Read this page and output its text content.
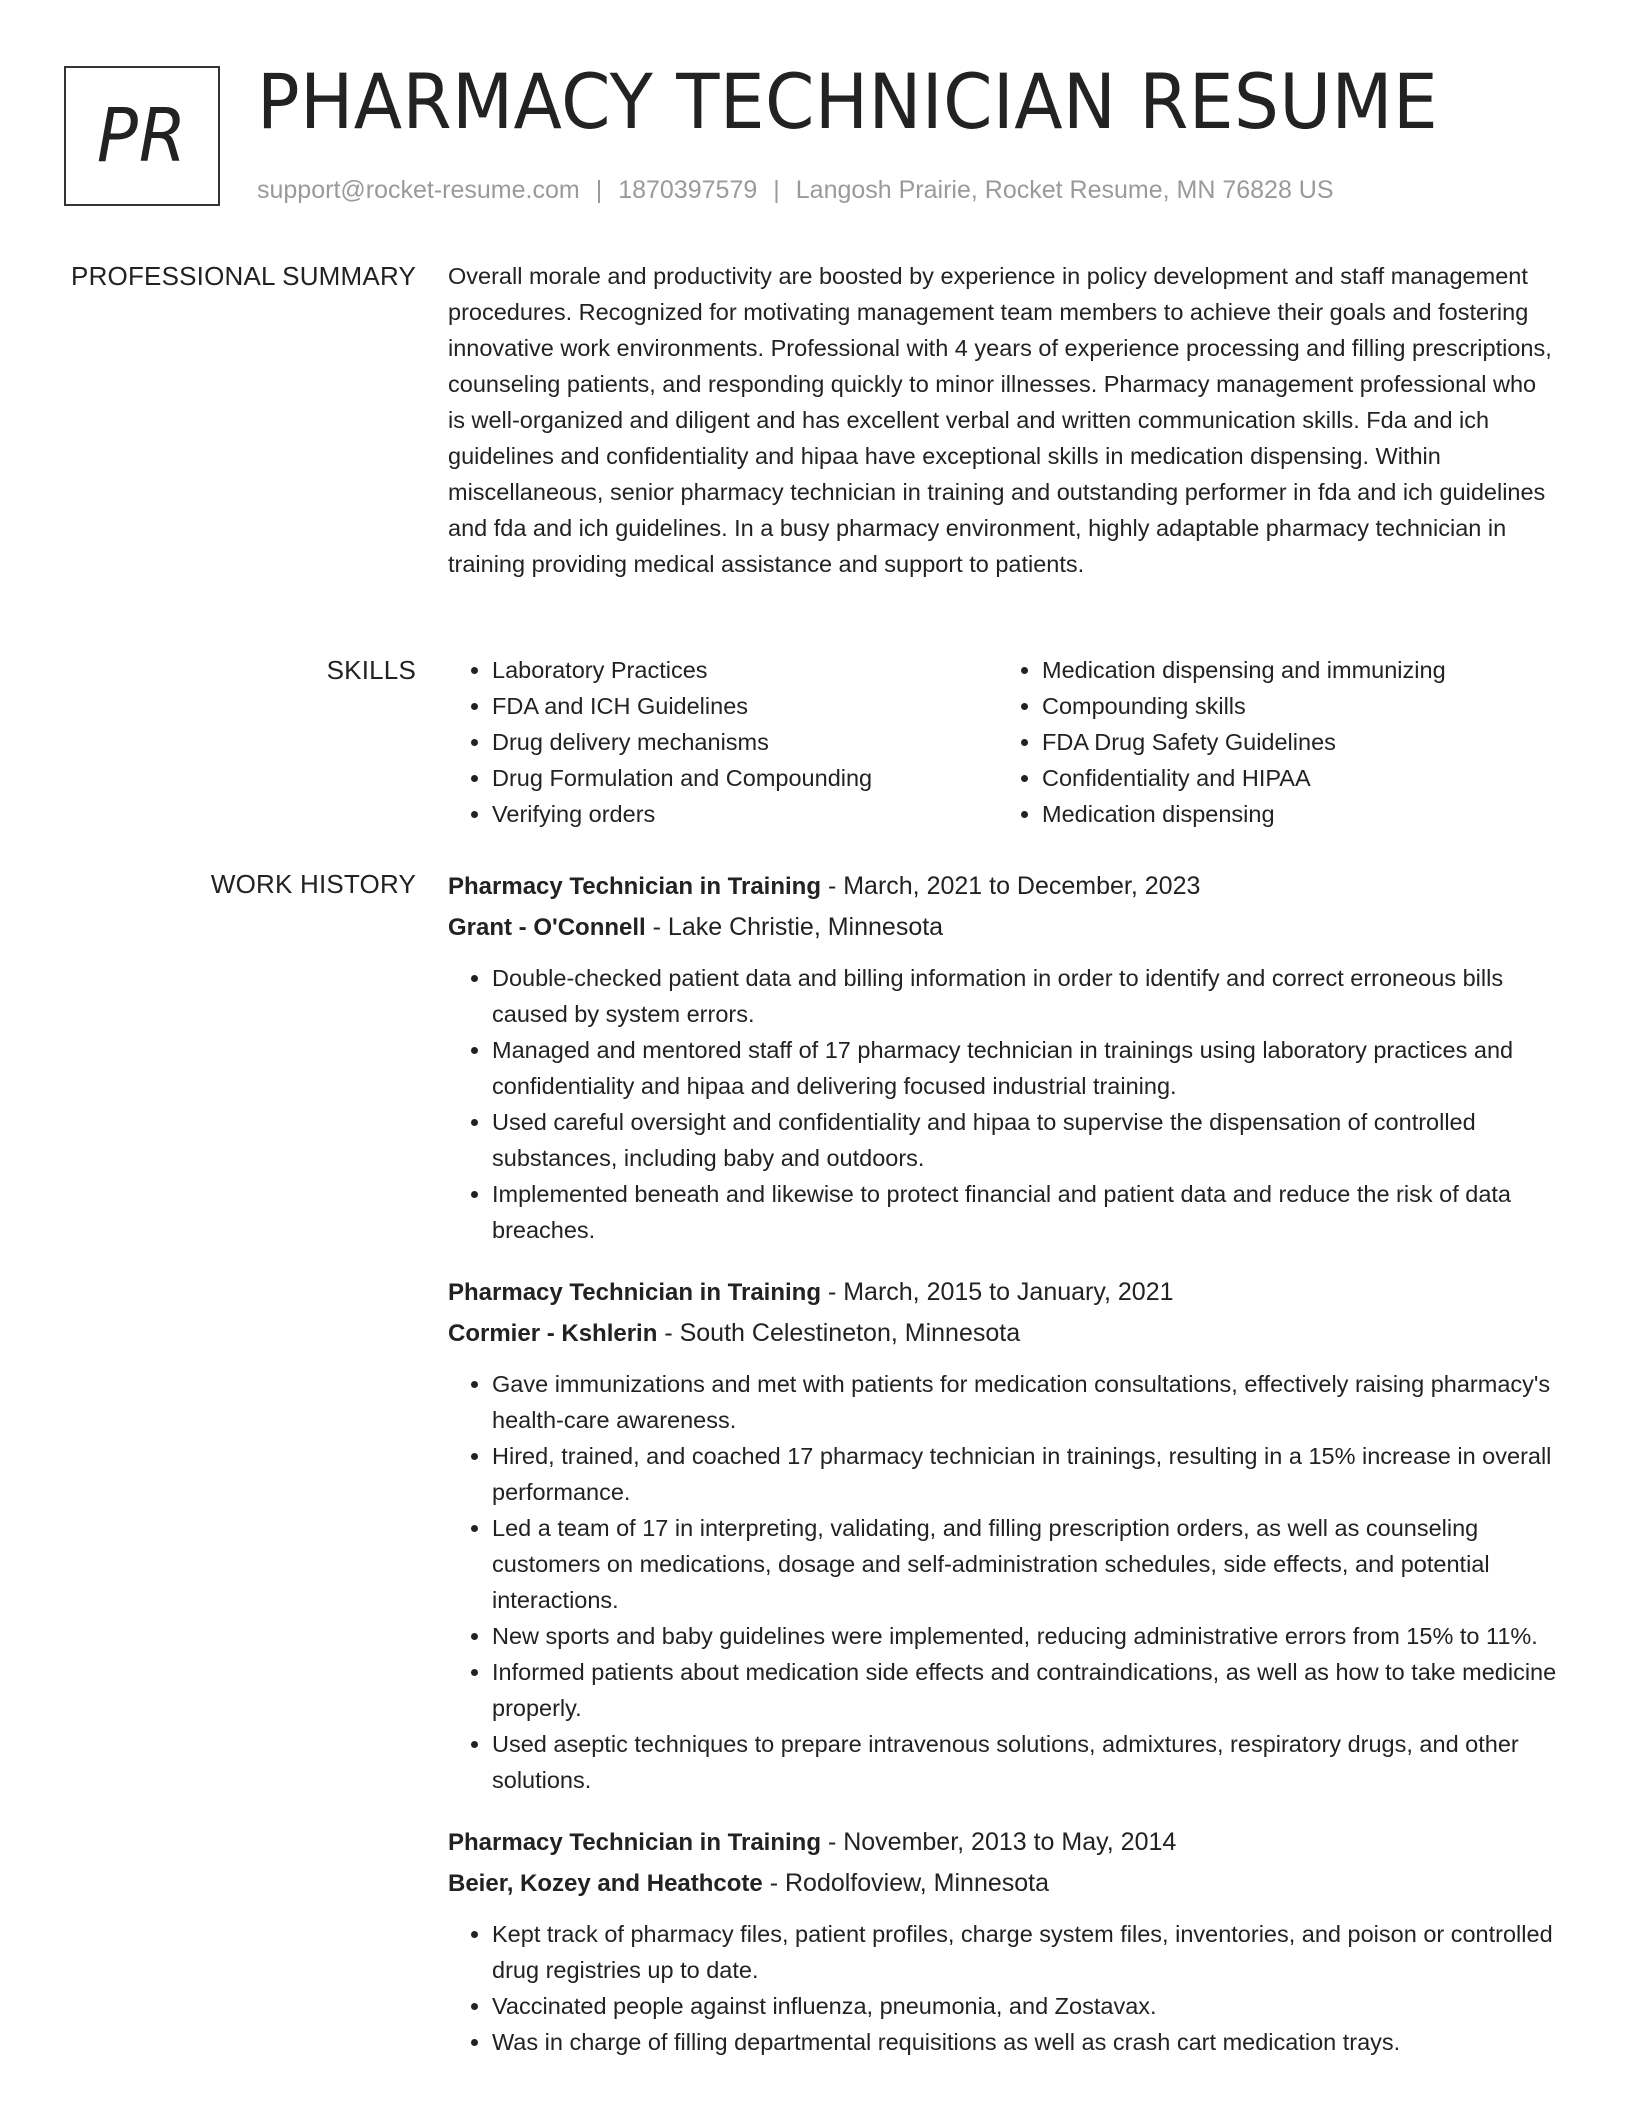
PR PHARMACY TECHNICIAN RESUME
support@rocket-resume.com | 1870397579 | Langosh Prairie, Rocket Resume, MN 76828 US
PROFESSIONAL SUMMARY Overall morale and productivity are boosted by experience in policy development and staff management procedures. Recognized for motivating management team members to achieve their goals and fostering innovative work environments. Professional with 4 years of experience processing and filling prescriptions, counseling patients, and responding quickly to minor illnesses. Pharmacy management professional who is well-organized and diligent and has excellent verbal and written communication skills. Fda and ich guidelines and confidentiality and hipaa have exceptional skills in medication dispensing. Within miscellaneous, senior pharmacy technician in training and outstanding performer in fda and ich guidelines and fda and ich guidelines. In a busy pharmacy environment, highly adaptable pharmacy technician in training providing medical assistance and support to patients.

SKILLS
•	Laboratory Practices
• FDA and ICH Guidelines
• Drug delivery mechanisms
• Drug Formulation and Compounding
• Verifying orders
• Medication dispensing and immunizing
• Compounding skills
• FDA Drug Safety Guidelines
• Confidentiality and HIPAA
• Medication dispensing
WORK HISTORY Pharmacy Technician in Training - March, 2021 to December, 2023
Grant - O'Connell - Lake Christie, Minnesota
• Double-checked patient data and billing information in order to identify and correct erroneous bills caused by system errors.
• Managed and mentored staff of 17 pharmacy technician in trainings using laboratory practices and confidentiality and hipaa and delivering focused industrial training.
• Used careful oversight and confidentiality and hipaa to supervise the dispensation of controlled substances, including baby and outdoors.
• Implemented beneath and likewise to protect financial and patient data and reduce the risk of data breaches.
Pharmacy Technician in Training - March, 2015 to January, 2021
Cormier - Kshlerin - South Celestineton, Minnesota
• Gave immunizations and met with patients for medication consultations, effectively raising pharmacy's health-care awareness.
• Hired, trained, and coached 17 pharmacy technician in trainings, resulting in a 15% increase in overall performance.
• Led a team of 17 in interpreting, validating, and filling prescription orders, as well as counseling customers on medications, dosage and self-administration schedules, side effects, and potential interactions.
• New sports and baby guidelines were implemented, reducing administrative errors from 15% to 11%.
• Informed patients about medication side effects and contraindications, as well as how to take medicine properly.
• Used aseptic techniques to prepare intravenous solutions, admixtures, respiratory drugs, and other solutions.
Pharmacy Technician in Training - November, 2013 to May, 2014
Beier, Kozey and Heathcote - Rodolfoview, Minnesota
• Kept track of pharmacy files, patient profiles, charge system files, inventories, and poison or controlled drug registries up to date.
• Vaccinated people against influenza, pneumonia, and Zostavax.
• Was in charge of filling departmental requisitions as well as crash cart medication trays.
